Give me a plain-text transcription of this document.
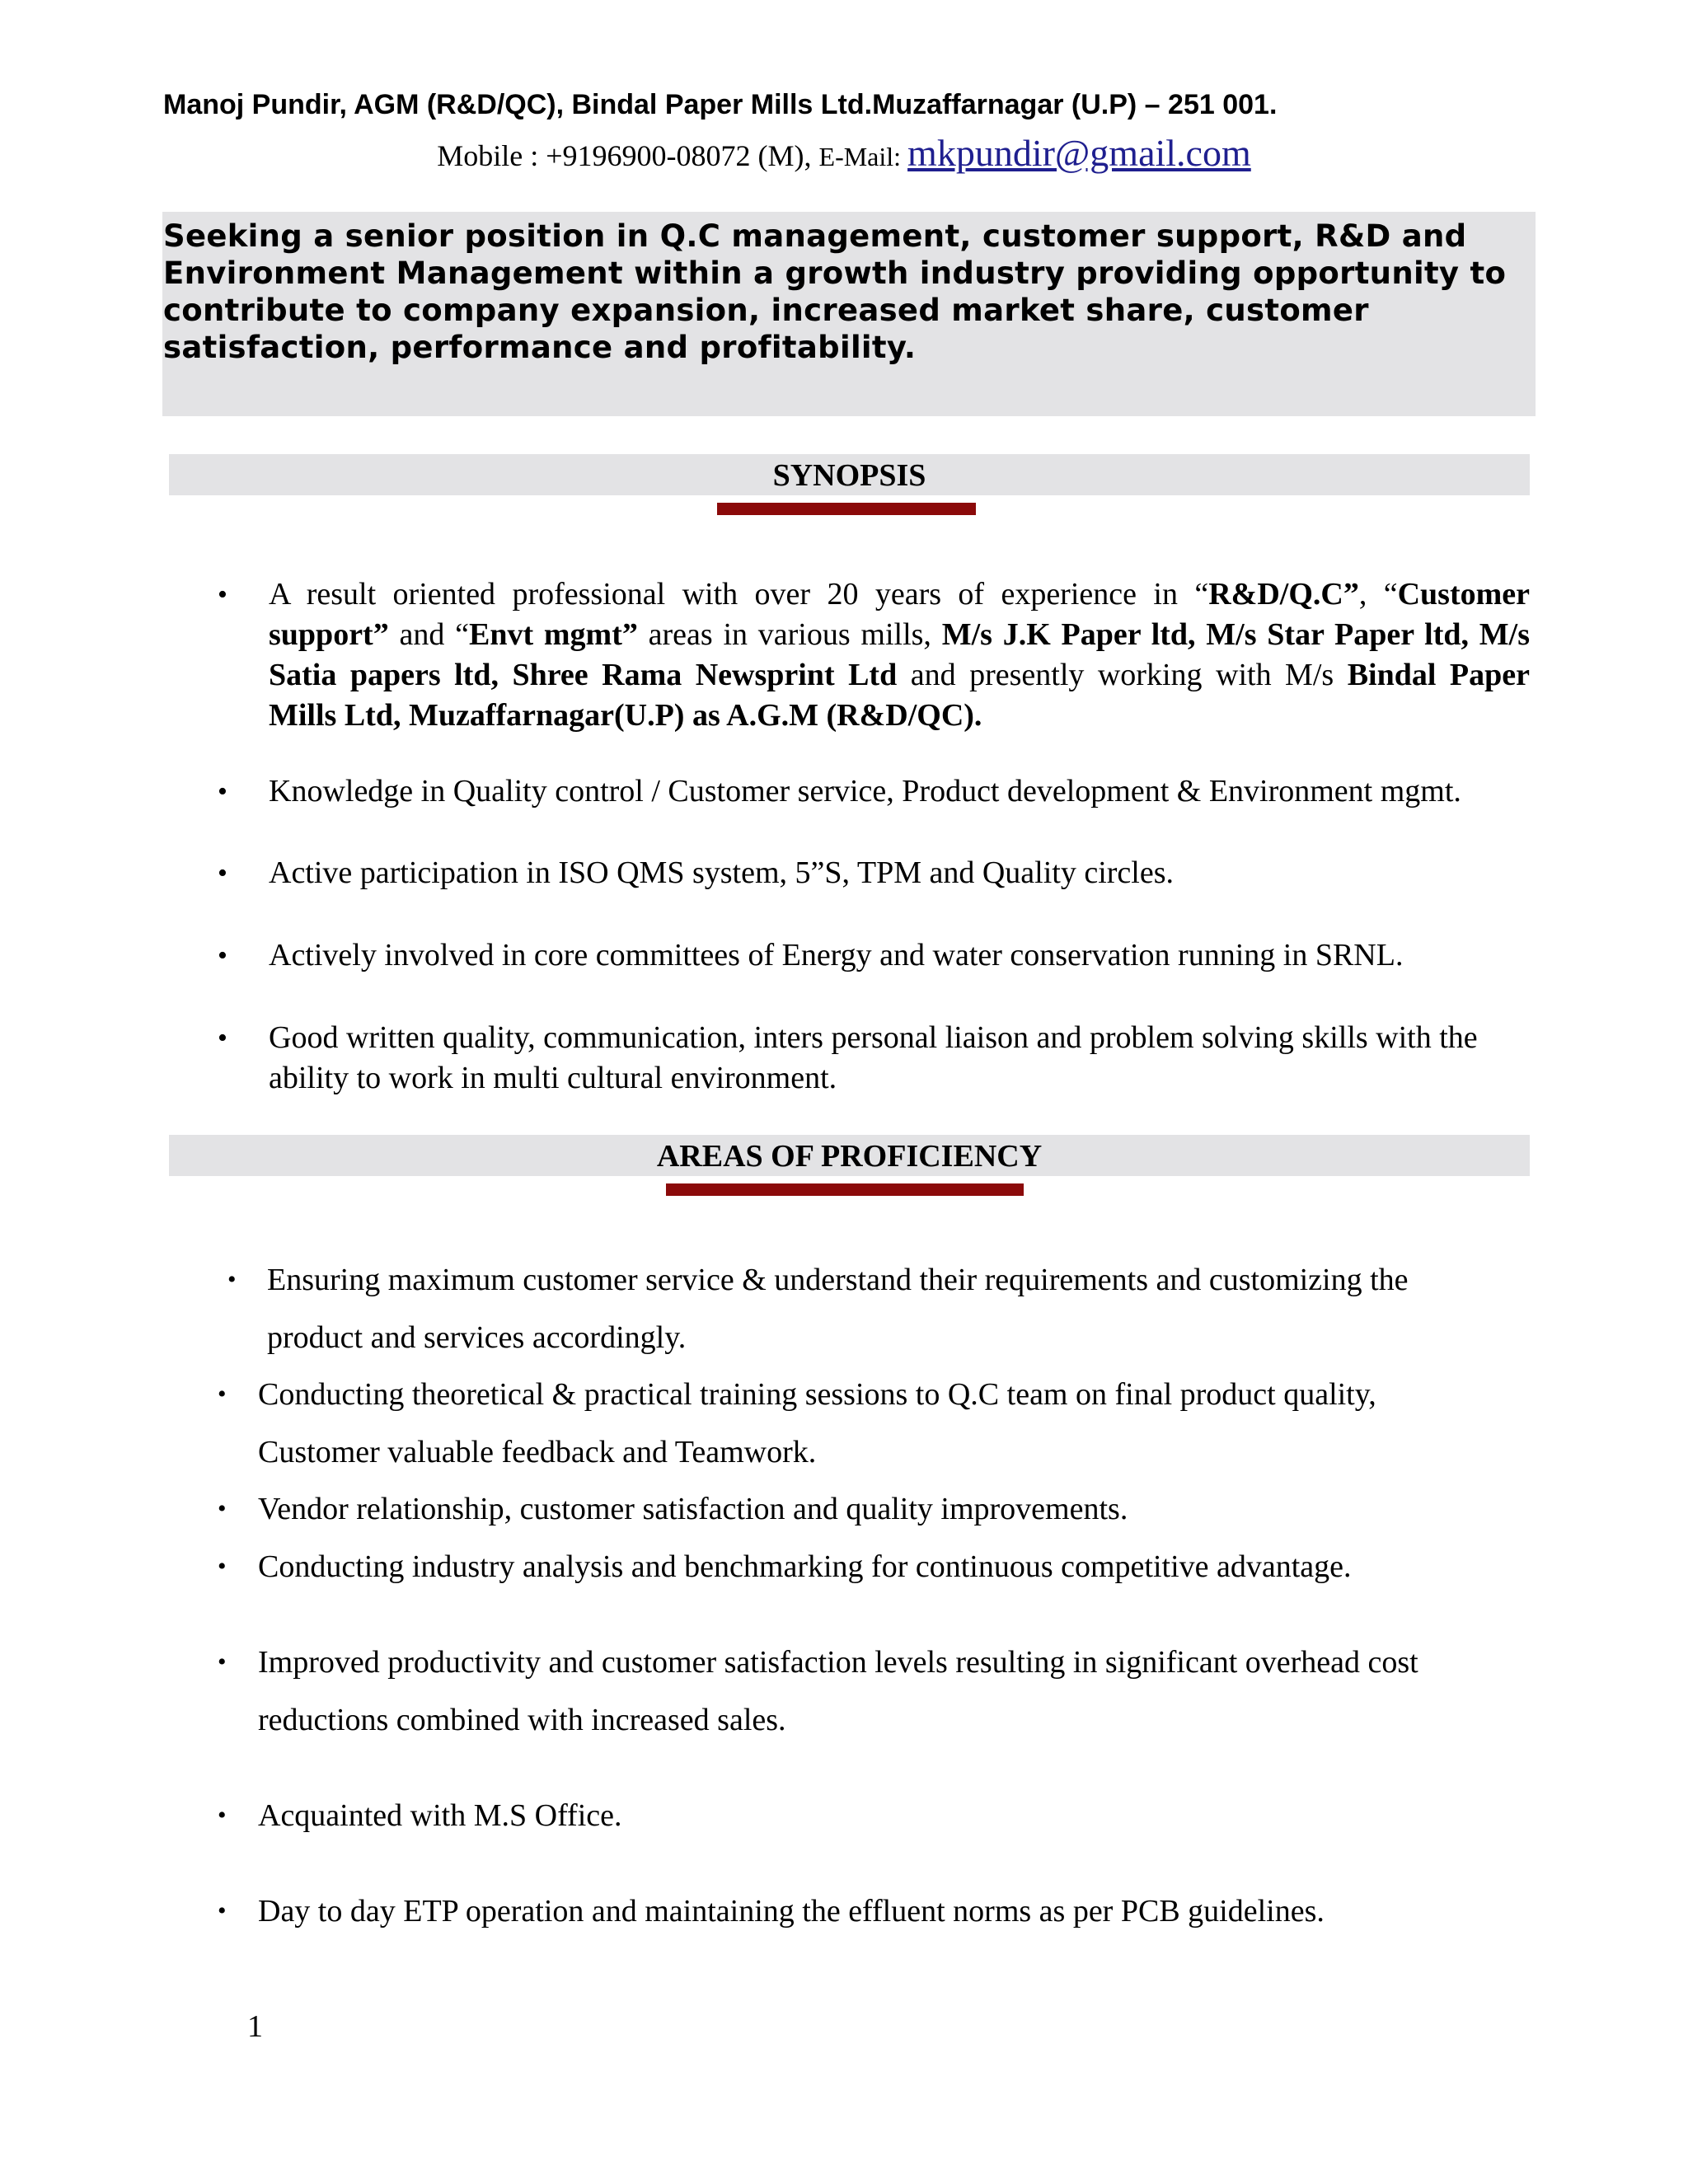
Manoj Pundir, AGM (R&D/QC), Bindal Paper Mills Ltd.Muzaffarnagar (U.P) – 251 001.
Mobile : +9196900-08072 (M), E-Mail: mkpundir@gmail.com
Seeking a senior position in Q.C management, customer support, R&D and Environment Management within a growth industry providing opportunity to contribute to company expansion, increased market share, customer satisfaction, performance and profitability.
SYNOPSIS
• A result oriented professional with over 20 years of experience in “R&D/Q.C”, “Customer support” and “Envt mgmt” areas in various mills, M/s J.K Paper ltd, M/s Star Paper ltd, M/s Satia papers ltd, Shree Rama Newsprint Ltd and presently working with M/s Bindal Paper Mills Ltd, Muzaffarnagar(U.P) as A.G.M (R&D/QC).
• Knowledge in Quality control / Customer service, Product development & Environment mgmt.
• Active participation in ISO QMS system, 5”S, TPM and Quality circles.
• Actively involved in core committees of Energy and water conservation running in SRNL.
• Good written quality, communication, inters personal liaison and problem solving skills with the ability to work in multi cultural environment.
AREAS OF PROFICIENCY
• Ensuring maximum customer service & understand their requirements and customizing the product and services accordingly.
• Conducting theoretical & practical training sessions to Q.C team on final product quality, Customer valuable feedback and Teamwork.
• Vendor relationship, customer satisfaction and quality improvements.
• Conducting industry analysis and benchmarking for continuous competitive advantage.
• Improved productivity and customer satisfaction levels resulting in significant overhead cost reductions combined with increased sales.
• Acquainted with M.S Office.
• Day to day ETP operation and maintaining the effluent norms as per PCB guidelines.
1
